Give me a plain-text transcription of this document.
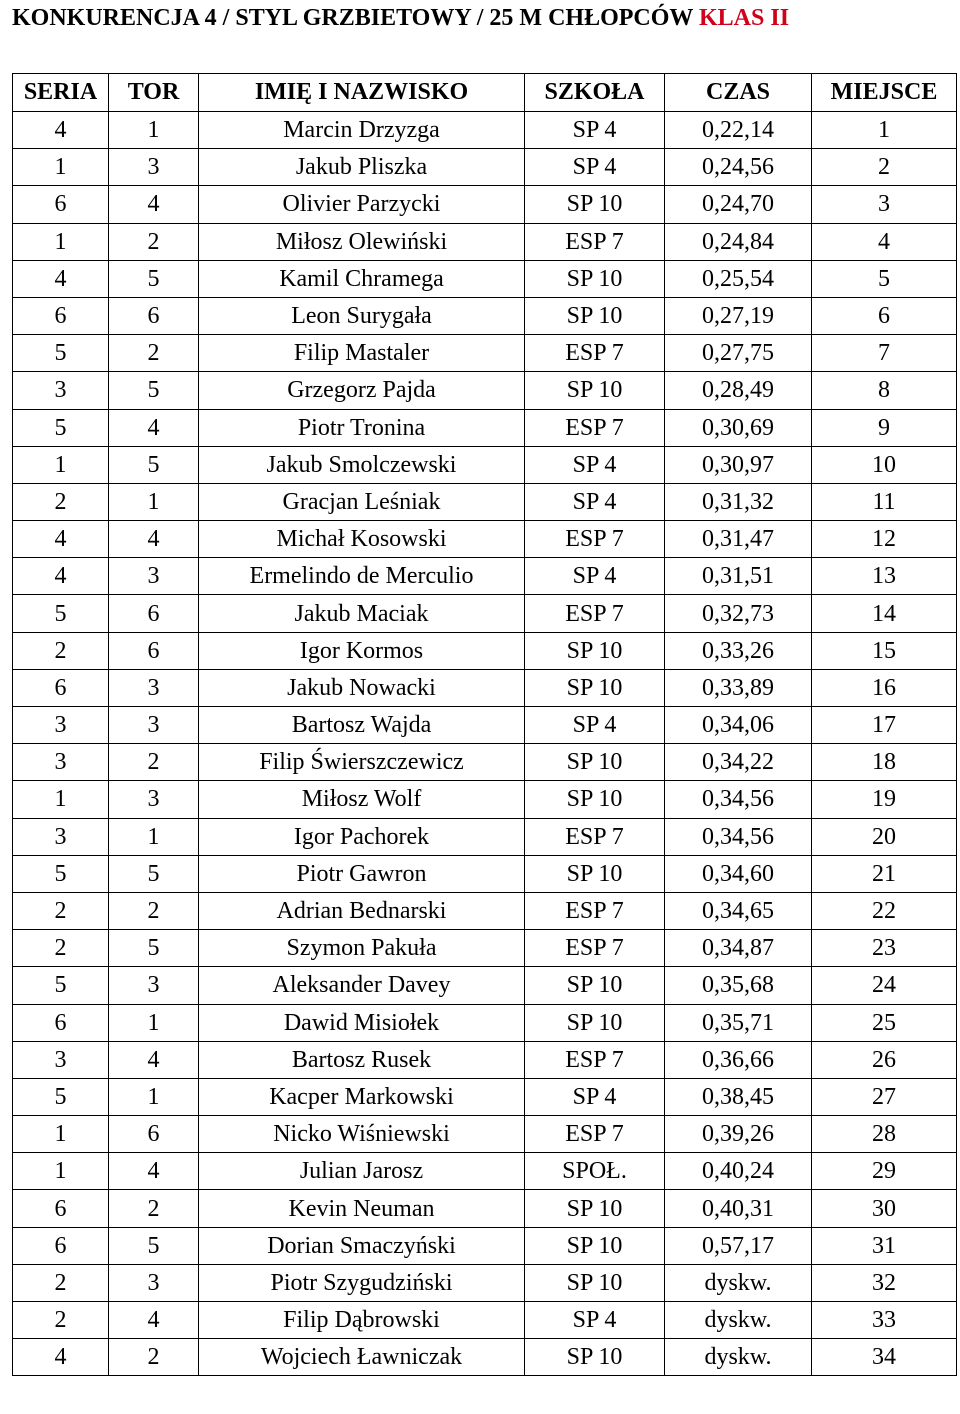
KONKURENCJA 4 / STYL GRZBIETOWY / 25 M CHŁOPCÓW KLAS II
SERIA	TOR	IMIĘ I NAZWISKO	SZKOŁA	CZAS	MIEJSCE
4	1	Marcin Drzyzga	SP 4	0,22,14	1
1	3	Jakub Pliszka	SP 4	0,24,56	2
6	4	Olivier Parzycki	SP 10	0,24,70	3
1	2	Miłosz Olewiński	ESP 7	0,24,84	4
4	5	Kamil Chramega	SP 10	0,25,54	5
6	6	Leon Surygała	SP 10	0,27,19	6
5	2	Filip Mastaler	ESP 7	0,27,75	7
3	5	Grzegorz Pajda	SP 10	0,28,49	8
5	4	Piotr Tronina	ESP 7	0,30,69	9
1	5	Jakub Smolczewski	SP 4	0,30,97	10
2	1	Gracjan Leśniak	SP 4	0,31,32	11
4	4	Michał Kosowski	ESP 7	0,31,47	12
4	3	Ermelindo de Merculio	SP 4	0,31,51	13
5	6	Jakub Maciak	ESP 7	0,32,73	14
2	6	Igor Kormos	SP 10	0,33,26	15
6	3	Jakub Nowacki	SP 10	0,33,89	16
3	3	Bartosz Wajda	SP 4	0,34,06	17
3	2	Filip Świerszczewicz	SP 10	0,34,22	18
1	3	Miłosz Wolf	SP 10	0,34,56	19
3	1	Igor Pachorek	ESP 7	0,34,56	20
5	5	Piotr Gawron	SP 10	0,34,60	21
2	2	Adrian Bednarski	ESP 7	0,34,65	22
2	5	Szymon Pakuła	ESP 7	0,34,87	23
5	3	Aleksander Davey	SP 10	0,35,68	24
6	1	Dawid Misiołek	SP 10	0,35,71	25
3	4	Bartosz Rusek	ESP 7	0,36,66	26
5	1	Kacper Markowski	SP 4	0,38,45	27
1	6	Nicko Wiśniewski	ESP 7	0,39,26	28
1	4	Julian Jarosz	SPOŁ.	0,40,24	29
6	2	Kevin Neuman	SP 10	0,40,31	30
6	5	Dorian Smaczyński	SP 10	0,57,17	31
2	3	Piotr Szygudziński	SP 10	dyskw.	32
2	4	Filip Dąbrowski	SP 4	dyskw.	33
4	2	Wojciech Ławniczak	SP 10	dyskw.	34
